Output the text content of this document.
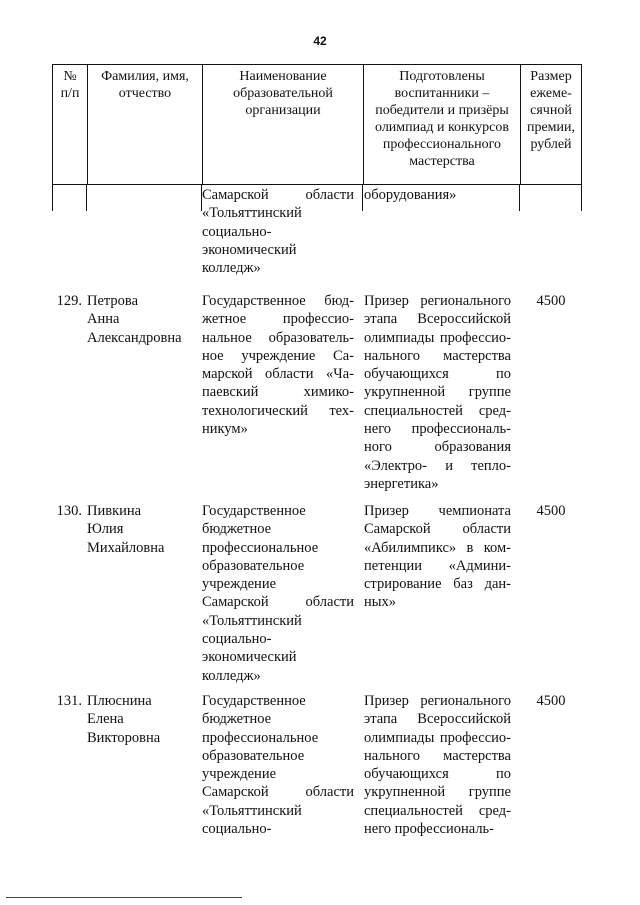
42
№
п/п
Фамилия, имя,
отчество
Наименование
образовательной
организации
Подготовлены
воспитанники –
победители и призёры
олимпиад и конкурсов
профессионального
мастерства
Размер
ежеме-
сячной
премии,
рублей
Самарской области
«Тольяттинский
социально-
экономический
колледж»
оборудования»
129. Петрова
Анна
Александровна
Государственное бюд-
жетное профессио-
нальное образователь-
ное учреждение Са-
марской области «Ча-
паевский химико-
технологический тех-
никум»
Призер регионального
этапа Всероссийской
олимпиады профессио-
нального мастерства
обучающихся по
укрупненной группе
специальностей сред-
него профессиональ-
ного образования
«Электро- и тепло-
энергетика»
4500
130. Пивкина
Юлия
Михайловна
Государственное
бюджетное
профессиональное
образовательное
учреждение
Самарской области
«Тольяттинский
социально-
экономический
колледж»
Призер чемпионата
Самарской области
«Абилимпикс» в ком-
петенции «Админи-
стрирование баз дан-
ных»
4500
131. Плюснина
Елена
Викторовна
Государственное
бюджетное
профессиональное
образовательное
учреждение
Самарской области
«Тольяттинский
социально-
Призер регионального
этапа Всероссийской
олимпиады профессио-
нального мастерства
обучающихся по
укрупненной группе
специальностей сред-
него профессиональ-
4500
